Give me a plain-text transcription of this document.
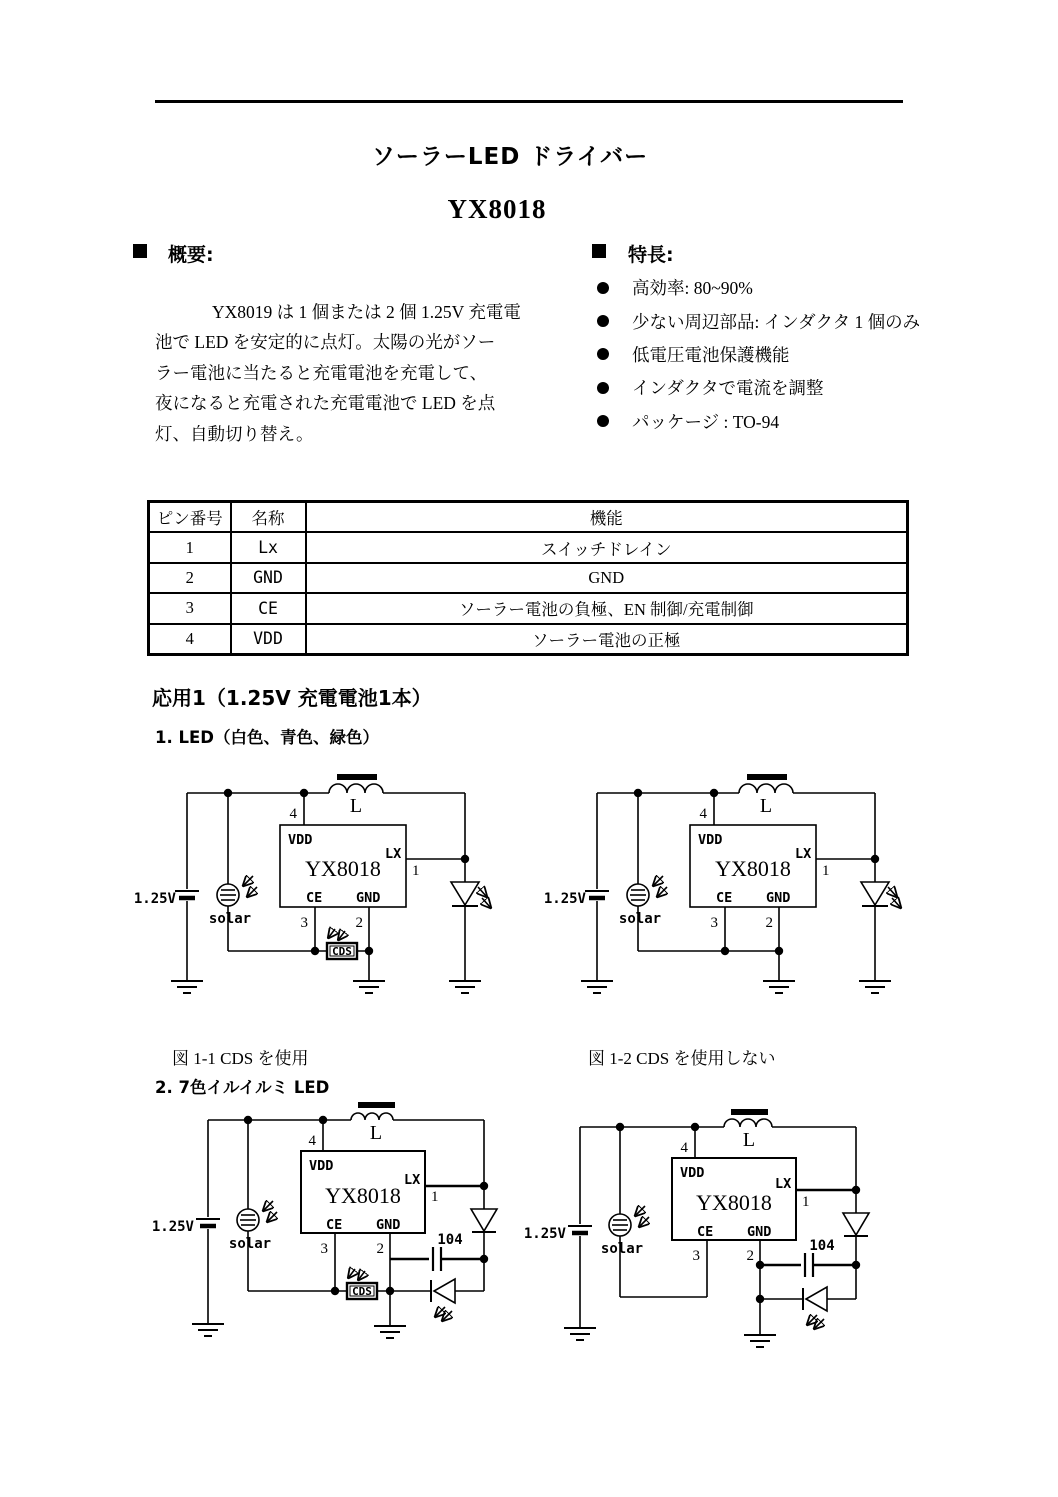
ソーラーLED ドライバー
YX8018
概要:
YX8019 は 1 個または 2 個 1.25V 充電電
池で LED を安定的に点灯。太陽の光がソー
ラー電池に当たると充電電池を充電して、
夜になると充電された充電電池で LED を点
灯、自動切り替え。
特長:
高効率: 80~90%
少ない周辺部品: インダクタ 1 個のみ
低電圧電池保護機能
インダクタで電流を調整
パッケージ : TO-94
ピン番号	名称	機能
1	Lx	スイッチドレイン
2	GND	GND
3	CE	ソーラー電池の負極、EN 制御/充電制御
4	VDD	ソーラー電池の正極
応用1（1.25V 充電電池1本）
1. LED（白色、青色、緑色）
2. 7色イルイルミ LED
L
1.25V
solar
VDD
LX
CE GND
YX8018
4
1
3	2
CDS
L
1.25V
solar
VDD
LX
CE GND
YX8018
4
1
3	2
図 1-1 CDS を使用	図 1-2 CDS を使用しない
L
1.25V
solar
VDD
LX
CE GND
YX8018
4
1
3	2
104
CDS
L
1.25V
solar
VDD
LX
CE GND
YX8018
4
1
3	2
104
